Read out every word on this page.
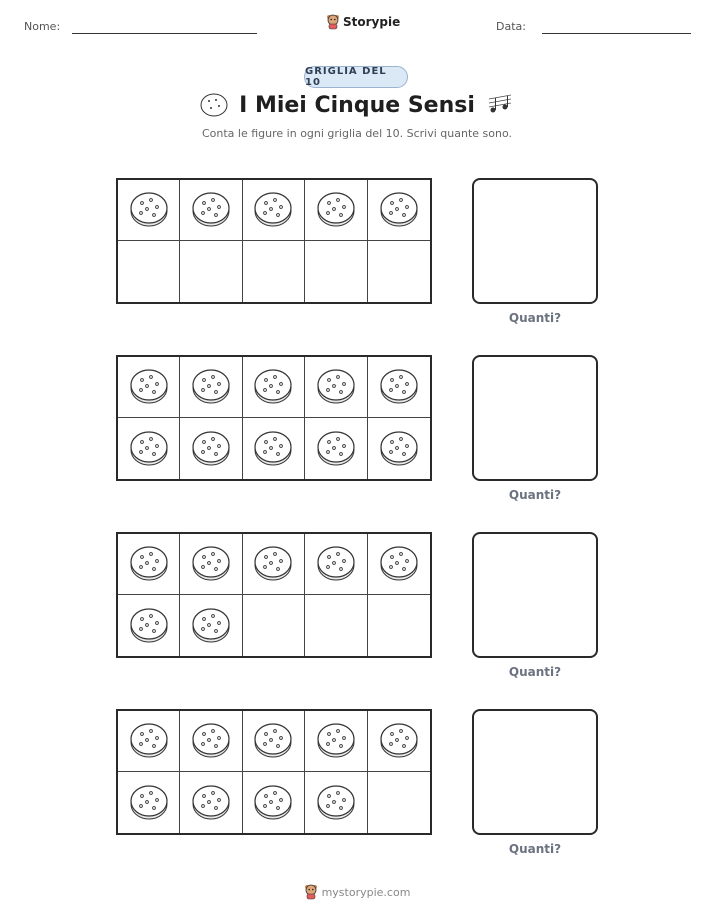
Nome:	Storypie	Data:
GRIGLIA DEL 10
I Miei Cinque Sensi
Conta le figure in ogni griglia del 10. Scrivi quante sono.
Quanti?
Quanti?
Quanti?
Quanti?
mystorypie.com
